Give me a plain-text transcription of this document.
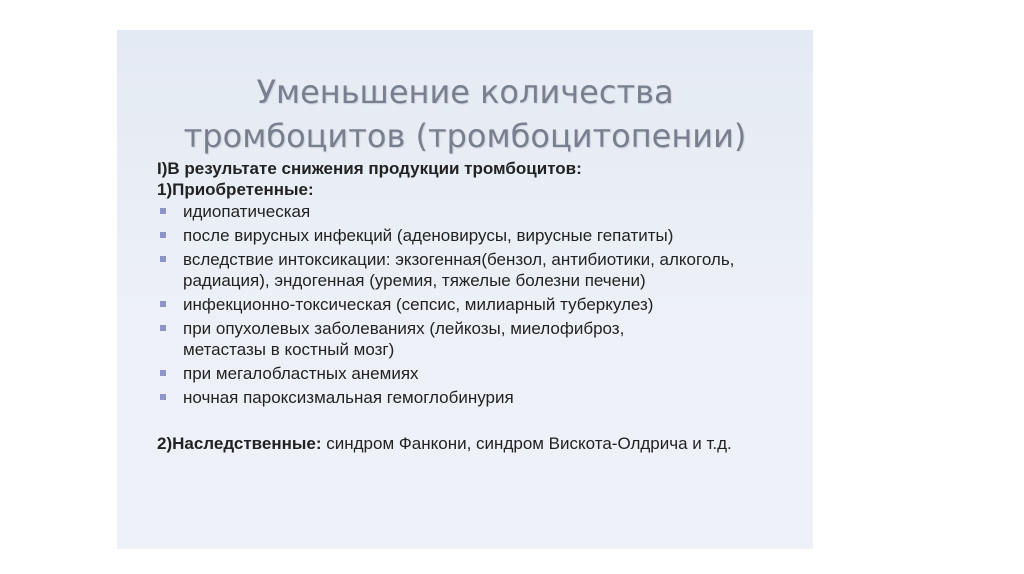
Уменьшение количества
тромбоцитов (тромбоцитопении)
I)В результате снижения продукции тромбоцитов:
1)Приобретенные:
идиопатическая
после вирусных инфекций (аденовирусы, вирусные гепатиты)
вследствие интоксикации: экзогенная(бензол, антибиотики, алкоголь, радиация), эндогенная (уремия, тяжелые болезни печени)
инфекционно-токсическая (сепсис, милиарный туберкулез)
при опухолевых заболеваниях (лейкозы, миелофиброз, метастазы в костный мозг)
при мегалобластных анемиях
ночная пароксизмальная гемоглобинурия
2)Наследственные: синдром Фанкони, синдром Вискота-Олдрича и т.д.
